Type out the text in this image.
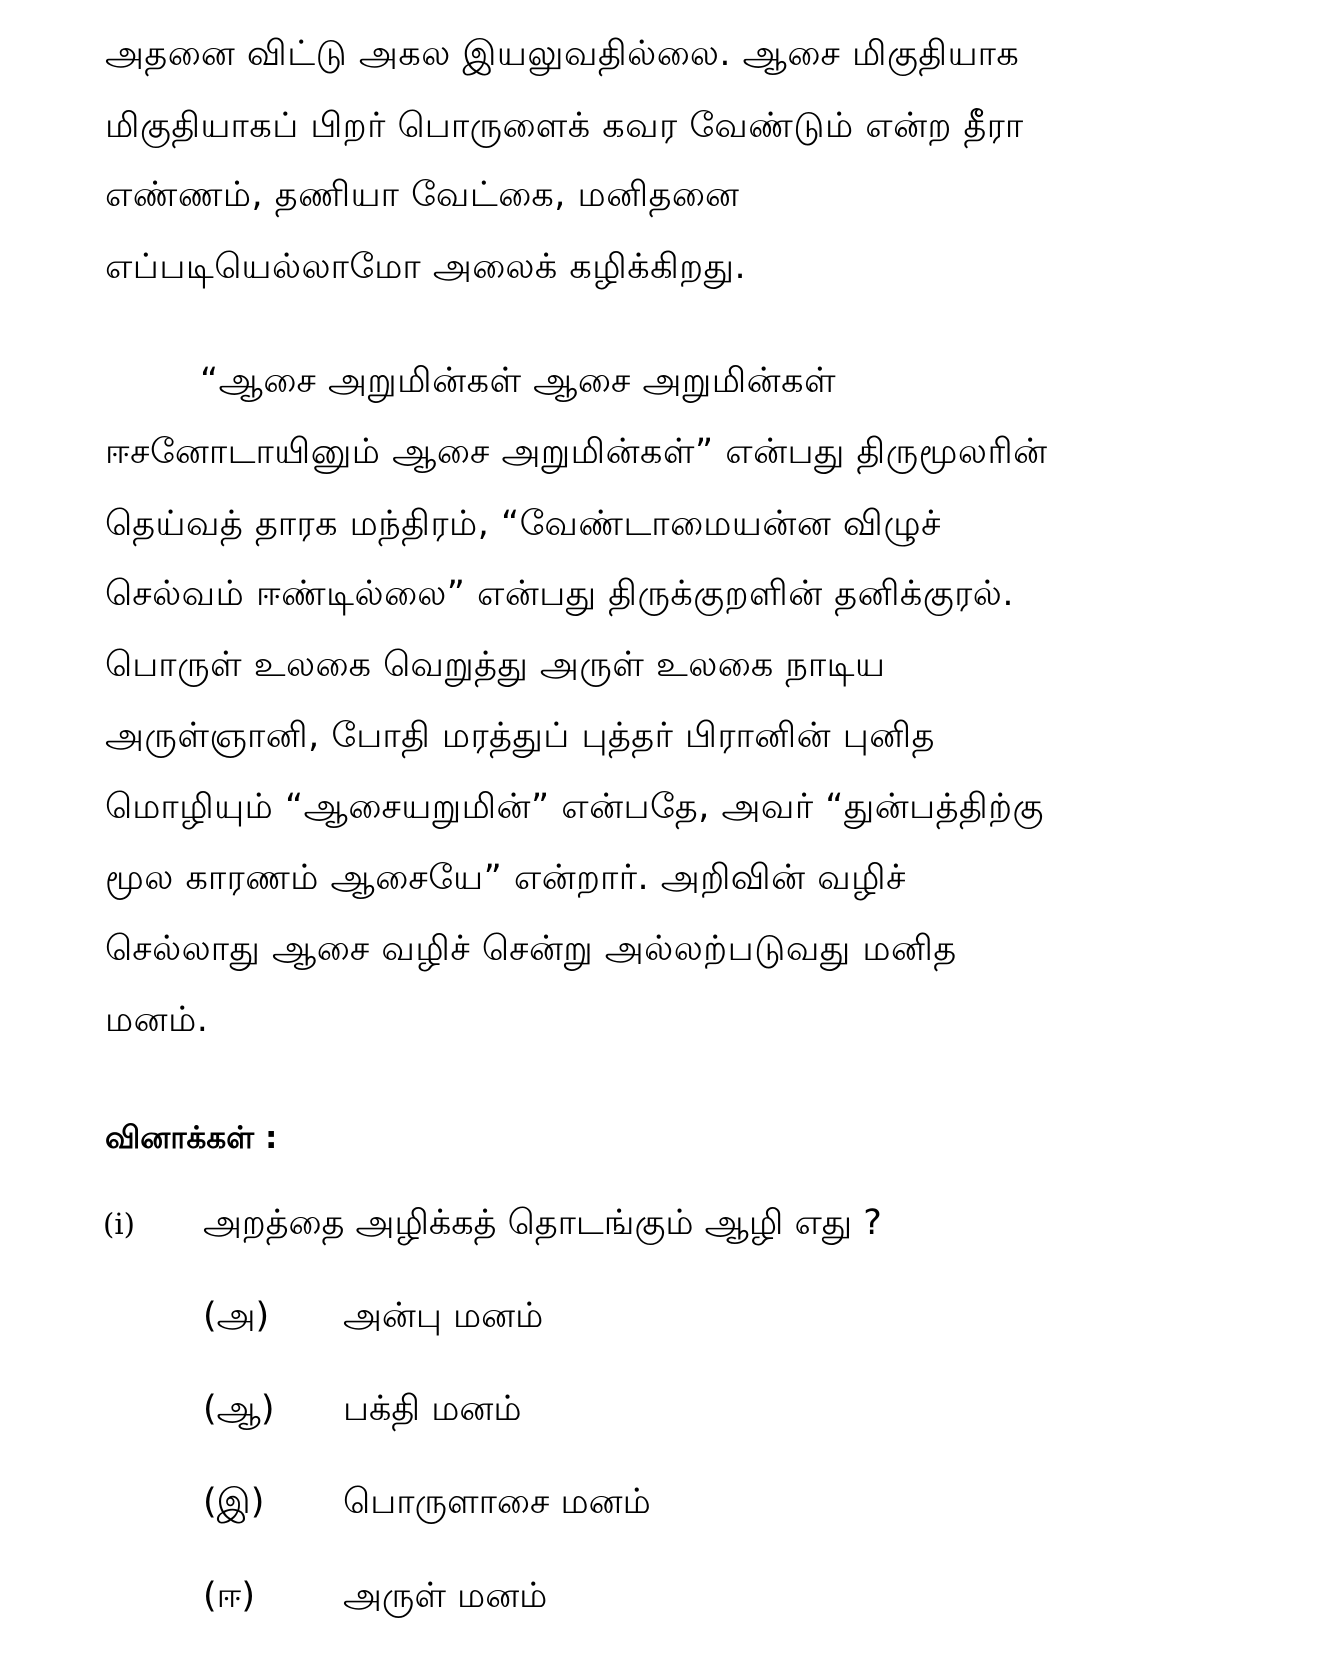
அதனை விட்டு அகல இயலுவதில்லை. ஆசை மிகுதியாக
மிகுதியாகப் பிறர் பொருளைக் கவர வேண்டும் என்ற தீரா
எண்ணம், தணியா வேட்கை, மனிதனை
எப்படியெல்லாமோ அலைக் கழிக்கிறது.
“ஆசை அறுமின்கள் ஆசை அறுமின்கள்
ஈசனோடாயினும் ஆசை அறுமின்கள்” என்பது திருமூலரின்
தெய்வத் தாரக மந்திரம், “வேண்டாமையன்ன விழுச்
செல்வம் ஈண்டில்லை” என்பது திருக்குறளின் தனிக்குரல்.
பொருள் உலகை வெறுத்து அருள் உலகை நாடிய
அருள்ஞானி, போதி மரத்துப் புத்தர் பிரானின் புனித
மொழியும் “ஆசையறுமின்” என்பதே, அவர் “துன்பத்திற்கு
மூல காரணம் ஆசையே” என்றார். அறிவின் வழிச்
செல்லாது ஆசை வழிச் சென்று அல்லற்படுவது மனித
மனம்.
வினாக்கள் :
(i) அறத்தை அழிக்கத் தொடங்கும் ஆழி எது ?
(அ) அன்பு மனம்
(ஆ) பக்தி மனம்
(இ) பொருளாசை மனம்
(ஈ)	அருள் மனம்
